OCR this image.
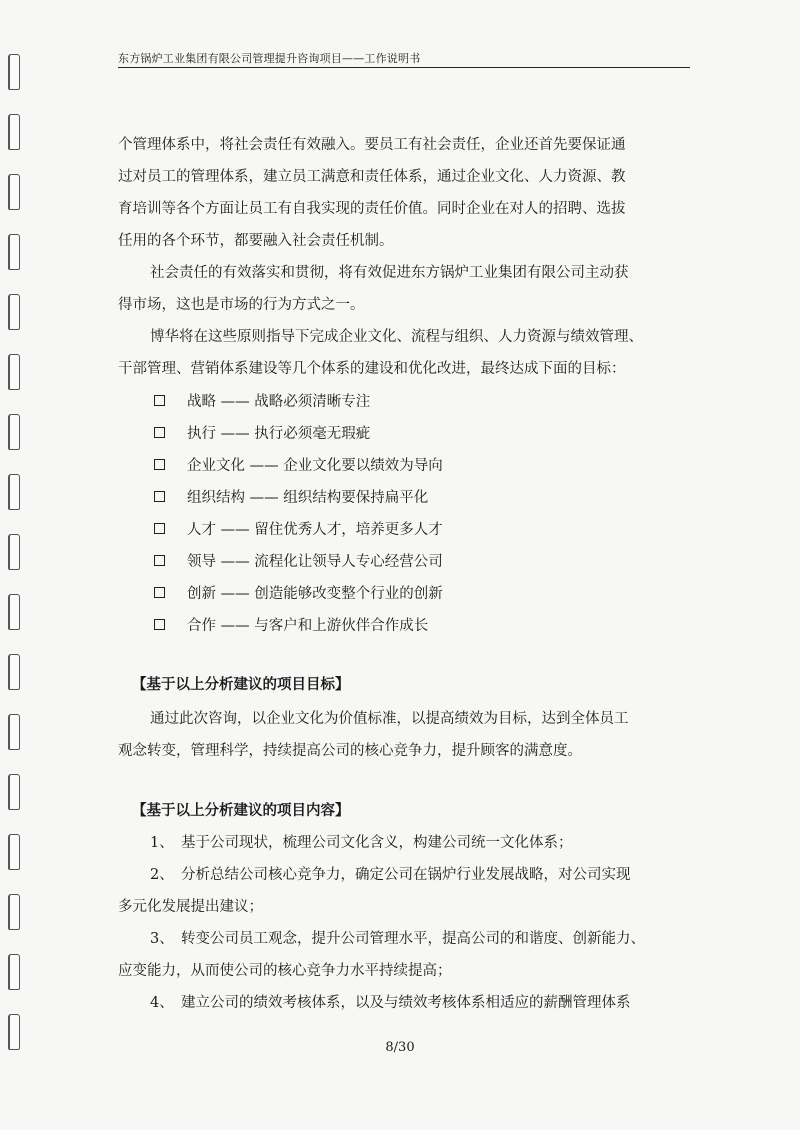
东方锅炉工业集团有限公司管理提升咨询项目——工作说明书
个管理体系中，将社会责任有效融入。要员工有社会责任，企业还首先要保证通
过对员工的管理体系，建立员工满意和责任体系，通过企业文化、人力资源、教
育培训等各个方面让员工有自我实现的责任价值。同时企业在对人的招聘、选拔
任用的各个环节，都要融入社会责任机制。
社会责任的有效落实和贯彻，将有效促进东方锅炉工业集团有限公司主动获
得市场，这也是市场的行为方式之一。
博华将在这些原则指导下完成企业文化、流程与组织、人力资源与绩效管理、
干部管理、营销体系建设等几个体系的建设和优化改进，最终达成下面的目标：
战略 —— 战略必须清晰专注
执行 —— 执行必须毫无瑕疵
企业文化 —— 企业文化要以绩效为导向
组织结构 —— 组织结构要保持扁平化
人才 —— 留住优秀人才，培养更多人才
领导 —— 流程化让领导人专心经营公司
创新 —— 创造能够改变整个行业的创新
合作 —— 与客户和上游伙伴合作成长
【基于以上分析建议的项目目标】
通过此次咨询，以企业文化为价值标准，以提高绩效为目标，达到全体员工
观念转变，管理科学，持续提高公司的核心竞争力，提升顾客的满意度。
【基于以上分析建议的项目内容】
1、　基于公司现状，梳理公司文化含义，构建公司统一文化体系；
2、　分析总结公司核心竞争力，确定公司在锅炉行业发展战略，对公司实现
多元化发展提出建议；
3、　转变公司员工观念，提升公司管理水平，提高公司的和谐度、创新能力、
应变能力，从而使公司的核心竞争力水平持续提高；
4、　建立公司的绩效考核体系，以及与绩效考核体系相适应的薪酬管理体系
8/30
